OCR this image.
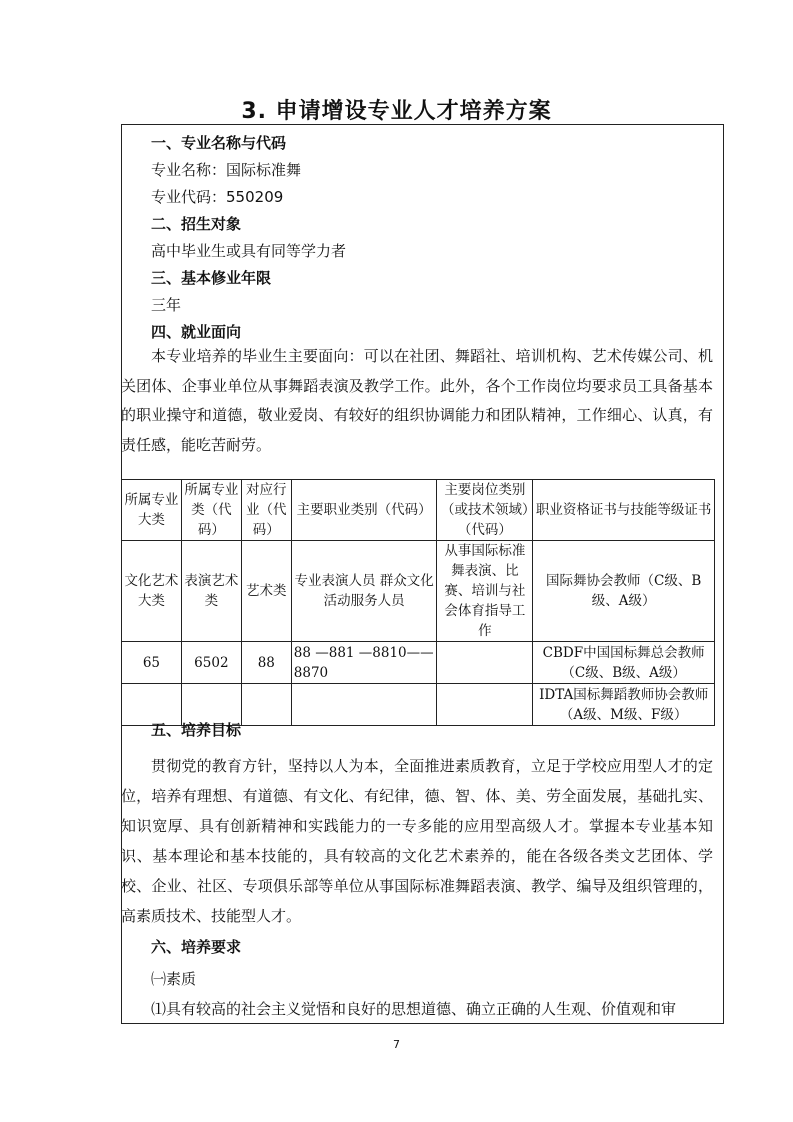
3. 申请增设专业人才培养方案
一、专业名称与代码
专业名称：国际标准舞
专业代码：550209
二、招生对象
高中毕业生或具有同等学力者
三、基本修业年限
三年
四、就业面向
本专业培养的毕业生主要面向：可以在社团、舞蹈社、培训机构、艺术传媒公司、机关团体、企事业单位从事舞蹈表演及教学工作。此外，各个工作岗位均要求员工具备基本的职业操守和道德，敬业爱岗、有较好的组织协调能力和团队精神，工作细心、认真，有责任感，能吃苦耐劳。
所属专业大类	所属专业类（代码）	对应行业（代码）	主要职业类别（代码）	主要岗位类别（或技术领域）（代码）	职业资格证书与技能等级证书
文化艺术大类	表演艺术类	艺术类	专业表演人员 群众文化活动服务人员	从事国际标准舞表演、比赛、培训与社会体育指导工作	国际舞协会教师（C级、B级、A级）
65	6502	88	88 —881 —8810——8870		CBDF中国国标舞总会教师（C级、B级、A级）
					IDTA国标舞蹈教师协会教师（A级、M级、F级）
五、培养目标
贯彻党的教育方针，坚持以人为本，全面推进素质教育，立足于学校应用型人才的定位，培养有理想、有道德、有文化、有纪律，德、智、体、美、劳全面发展，基础扎实、知识宽厚、具有创新精神和实践能力的一专多能的应用型高级人才。掌握本专业基本知识、基本理论和基本技能的，具有较高的文化艺术素养的，能在各级各类文艺团体、学校、企业、社区、专项俱乐部等单位从事国际标准舞蹈表演、教学、编导及组织管理的，高素质技术、技能型人才。
六、培养要求
㈠素质
⑴具有较高的社会主义觉悟和良好的思想道德、确立正确的人生观、价值观和审
7
